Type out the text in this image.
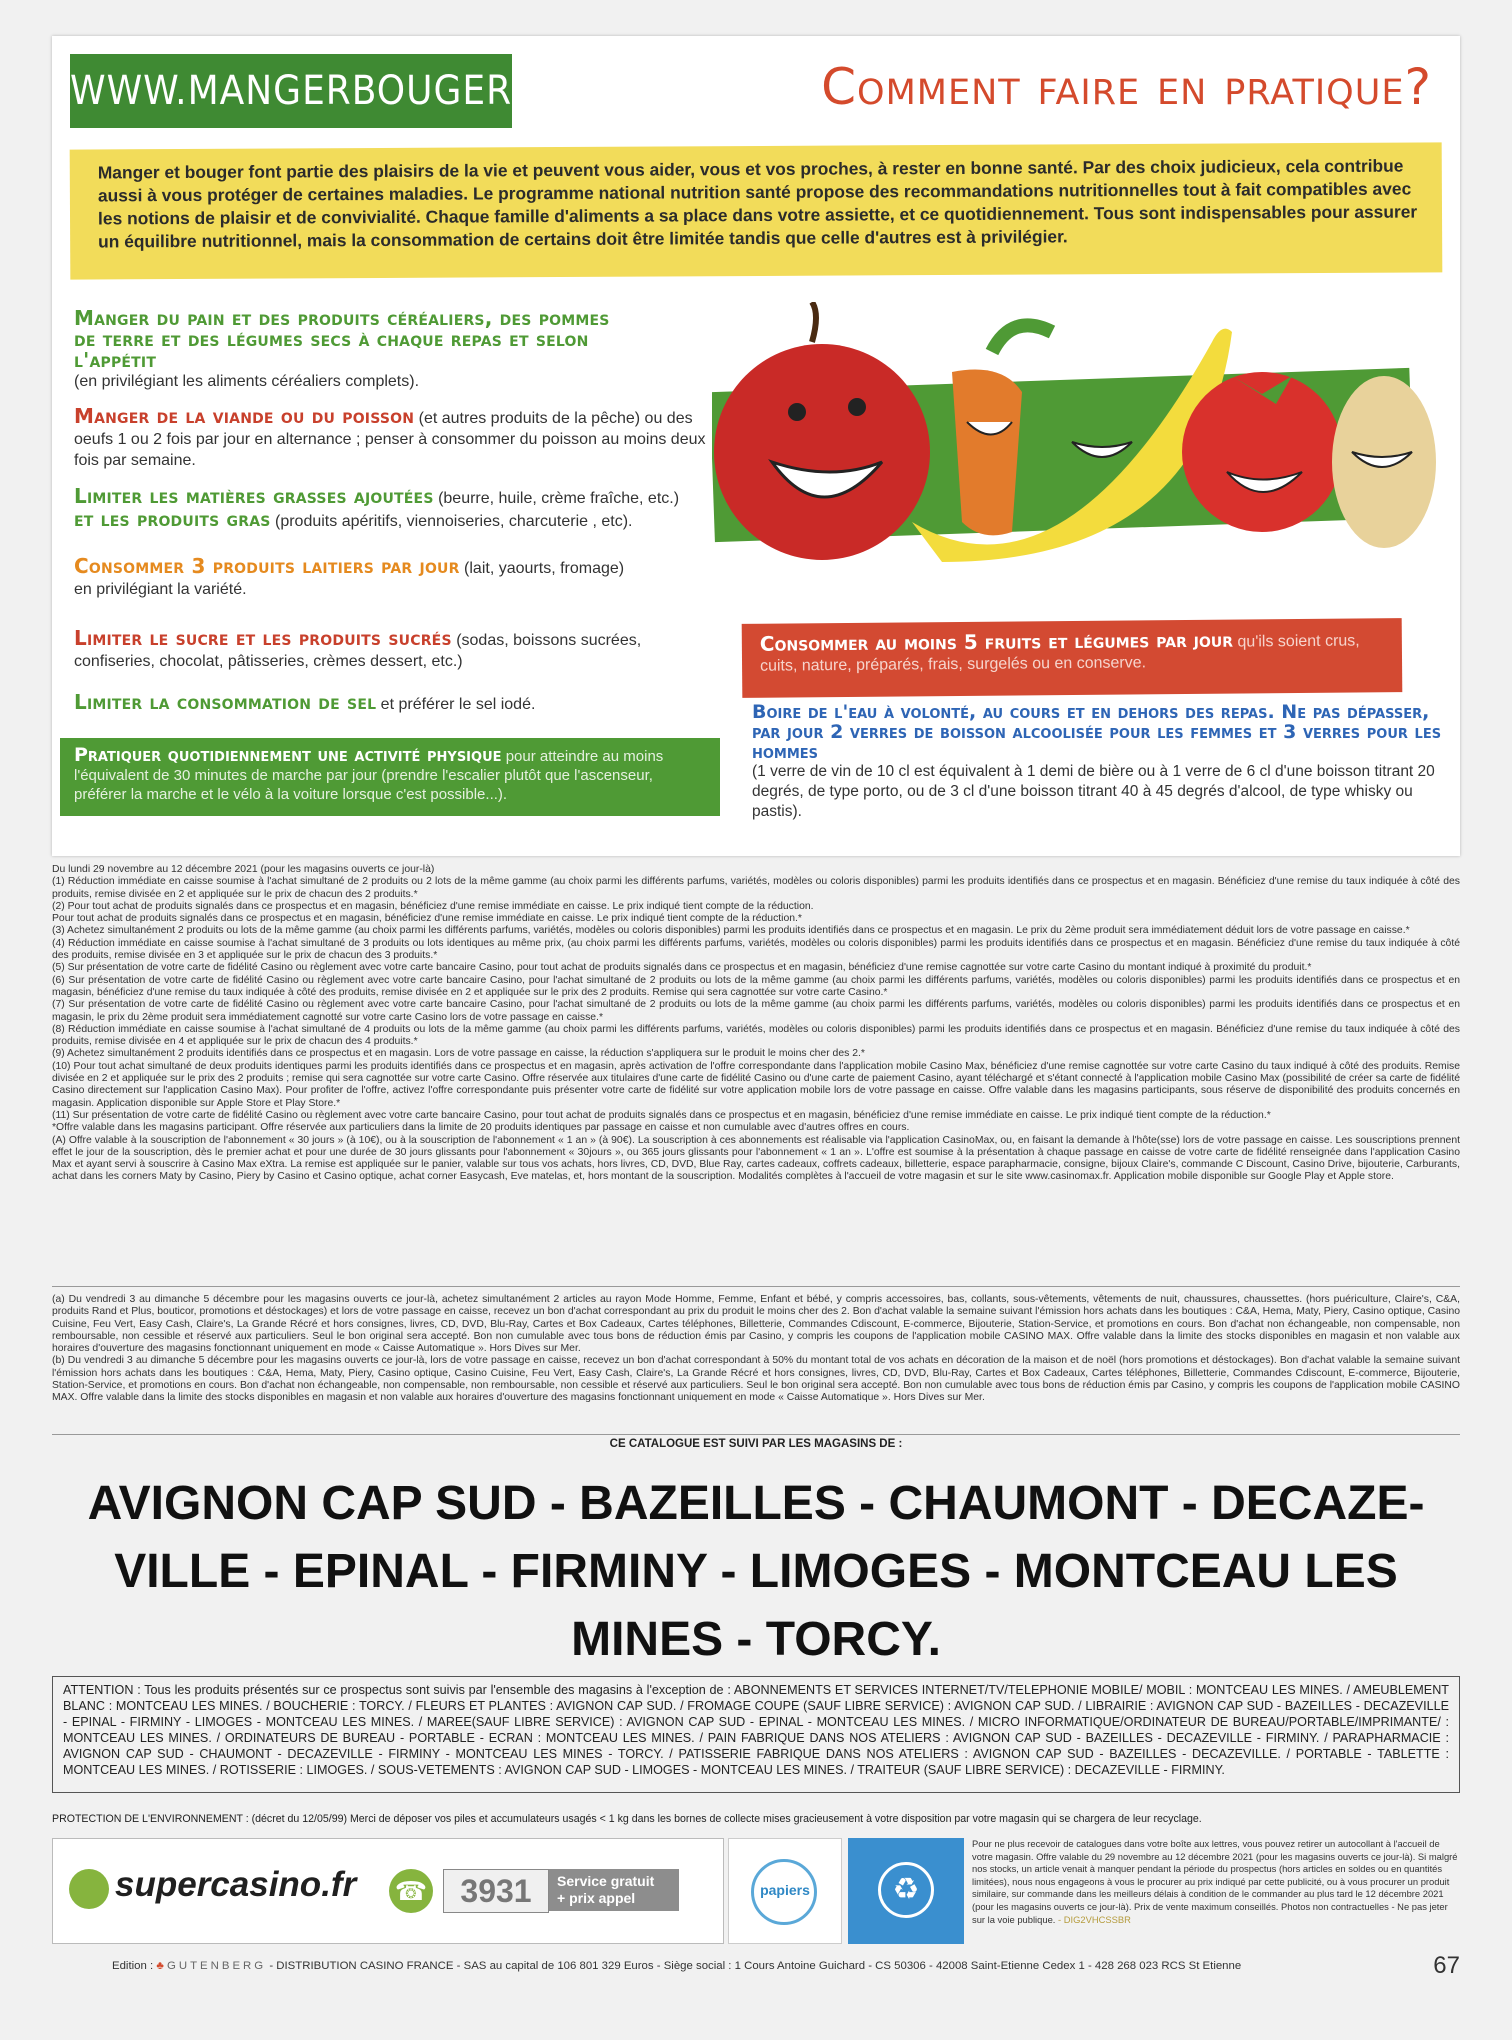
WWW.MANGERBOUGER.FR	Comment faire en pratique?
Manger et bouger font partie des plaisirs de la vie et peuvent vous aider, vous et vos proches, à rester en bonne santé. Par des choix judicieux, cela contribue aussi à vous protéger de certaines maladies. Le programme national nutrition santé propose des recommandations nutritionnelles tout à fait compatibles avec les notions de plaisir et de convivialité. Chaque famille d'aliments a sa place dans votre assiette, et ce quotidiennement. Tous sont indispensables pour assurer un équilibre nutritionnel, mais la consommation de certains doit être limitée tandis que celle d'autres est à privilégier.
Manger du pain et des produits céréaliers, des pommes de terre et des légumes secs à chaque repas et selon l'appétit
(en privilégiant les aliments céréaliers complets).
Manger de la viande ou du poisson (et autres produits de la pêche) ou des oeufs 1 ou 2 fois par jour en alternance ; penser à consommer du poisson au moins deux fois par semaine.
Limiter les matières grasses ajoutées (beurre, huile, crème fraîche, etc.)
et les produits gras (produits apéritifs, viennoiseries, charcuterie , etc).
Consommer 3 produits laitiers par jour (lait, yaourts, fromage) en privilégiant la variété.
Limiter le sucre et les produits sucrés (sodas, boissons sucrées, confiseries, chocolat, pâtisseries, crèmes dessert, etc.)
Limiter la consommation de sel et préférer le sel iodé.
Pratiquer quotidiennement une activité physique pour atteindre au moins l'équivalent de 30 minutes de marche par jour (prendre l'escalier plutôt que l'ascenseur, préférer la marche et le vélo à la voiture lorsque c'est possible...).
Consommer au moins 5 fruits et légumes par jour qu'ils soient crus, cuits, nature, préparés, frais, surgelés ou en conserve.
Boire de l'eau à volonté, au cours et en dehors des repas. Ne pas dépasser, par jour 2 verres de boisson alcoolisée pour les femmes et 3 verres pour les hommes
(1 verre de vin de 10 cl est équivalent à 1 demi de bière ou à 1 verre de 6 cl d'une boisson titrant 20 degrés, de type porto, ou de 3 cl d'une boisson titrant 40 à 45 degrés d'alcool, de type whisky ou pastis).

Du lundi 29 novembre au 12 décembre 2021 (pour les magasins ouverts ce jour-là)

(1) Réduction immédiate en caisse soumise à l'achat simultané de 2 produits ou 2 lots de la même gamme (au choix parmi les différents parfums, variétés, modèles ou coloris disponibles) parmi les produits identifiés dans ce prospectus et en magasin. Bénéficiez d'une remise du taux indiquée à côté des produits, remise divisée en 2 et appliquée sur le prix de chacun des 2 produits.*

(2) Pour tout achat de produits signalés dans ce prospectus et en magasin, bénéficiez d'une remise immédiate en caisse. Le prix indiqué tient compte de la réduction.

Pour tout achat de produits signalés dans ce prospectus et en magasin, bénéficiez d'une remise immédiate en caisse. Le prix indiqué tient compte de la réduction.*

(3) Achetez simultanément 2 produits ou lots de la même gamme (au choix parmi les différents parfums, variétés, modèles ou coloris disponibles) parmi les produits identifiés dans ce prospectus et en magasin. Le prix du 2ème produit sera immédiatement déduit lors de votre passage en caisse.*

(4) Réduction immédiate en caisse soumise à l'achat simultané de 3 produits ou lots identiques au même prix, (au choix parmi les différents parfums, variétés, modèles ou coloris disponibles) parmi les produits identifiés dans ce prospectus et en magasin. Bénéficiez d'une remise du taux indiquée à côté des produits, remise divisée en 3 et appliquée sur le prix de chacun des 3 produits.*

(5) Sur présentation de votre carte de fidélité Casino ou règlement avec votre carte bancaire Casino, pour tout achat de produits signalés dans ce prospectus et en magasin, bénéficiez d'une remise cagnottée sur votre carte Casino du montant indiqué à proximité du produit.*

(6) Sur présentation de votre carte de fidélité Casino ou règlement avec votre carte bancaire Casino, pour l'achat simultané de 2 produits ou lots de la même gamme (au choix parmi les différents parfums, variétés, modèles ou coloris disponibles) parmi les produits identifiés dans ce prospectus et en magasin, bénéficiez d'une remise du taux indiquée à côté des produits, remise divisée en 2 et appliquée sur le prix des 2 produits. Remise qui sera cagnottée sur votre carte Casino.*

(7) Sur présentation de votre carte de fidélité Casino ou règlement avec votre carte bancaire Casino, pour l'achat simultané de 2 produits ou lots de la même gamme (au choix parmi les différents parfums, variétés, modèles ou coloris disponibles) parmi les produits identifiés dans ce prospectus et en magasin, le prix du 2ème produit sera immédiatement cagnotté sur votre carte Casino lors de votre passage en caisse.*

(8) Réduction immédiate en caisse soumise à l'achat simultané de 4 produits ou lots de la même gamme (au choix parmi les différents parfums, variétés, modèles ou coloris disponibles) parmi les produits identifiés dans ce prospectus et en magasin. Bénéficiez d'une remise du taux indiquée à côté des produits, remise divisée en 4 et appliquée sur le prix de chacun des 4 produits.*

(9) Achetez simultanément 2 produits identifiés dans ce prospectus et en magasin. Lors de votre passage en caisse, la réduction s'appliquera sur le produit le moins cher des 2.*

(10) Pour tout achat simultané de deux produits identiques parmi les produits identifiés dans ce prospectus et en magasin, après activation de l'offre correspondante dans l'application mobile Casino Max, bénéficiez d'une remise cagnottée sur votre carte Casino du taux indiqué à côté des produits. Remise divisée en 2 et appliquée sur le prix des 2 produits ; remise qui sera cagnottée sur votre carte Casino. Offre réservée aux titulaires d'une carte de fidélité Casino ou d'une carte de paiement Casino, ayant téléchargé et s'étant connecté à l'application mobile Casino Max (possibilité de créer sa carte de fidélité Casino directement sur l'application Casino Max). Pour profiter de l'offre, activez l'offre correspondante puis présenter votre carte de fidélité sur votre application mobile lors de votre passage en caisse. Offre valable dans les magasins participants, sous réserve de disponibilité des produits concernés en magasin. Application disponible sur Apple Store et Play Store.*

(11) Sur présentation de votre carte de fidélité Casino ou règlement avec votre carte bancaire Casino, pour tout achat de produits signalés dans ce prospectus et en magasin, bénéficiez d'une remise immédiate en caisse. Le prix indiqué tient compte de la réduction.*

*Offre valable dans les magasins participant. Offre réservée aux particuliers dans la limite de 20 produits identiques par passage en caisse et non cumulable avec d'autres offres en cours.

(A) Offre valable à la souscription de l'abonnement « 30 jours » (à 10€), ou à la souscription de l'abonnement « 1 an » (à 90€). La souscription à ces abonnements est réalisable via l'application CasinoMax, ou, en faisant la demande à l'hôte(sse) lors de votre passage en caisse. Les souscriptions prennent effet le jour de la souscription, dès le premier achat et pour une durée de 30 jours glissants pour l'abonnement « 30jours », ou 365 jours glissants pour l'abonnement « 1 an ». L'offre est soumise à la présentation à chaque passage en caisse de votre carte de fidélité renseignée dans l'application Casino Max et ayant servi à souscrire à Casino Max eXtra. La remise est appliquée sur le panier, valable sur tous vos achats, hors livres, CD, DVD, Blue Ray, cartes cadeaux, coffrets cadeaux, billetterie, espace parapharmacie, consigne, bijoux Claire's, commande C Discount, Casino Drive, bijouterie, Carburants, achat dans les corners Maty by Casino, Piery by Casino et Casino optique, achat corner Easycash, Eve matelas, et, hors montant de la souscription. Modalités complètes à l'accueil de votre magasin et sur le site www.casinomax.fr. Application mobile disponible sur Google Play et Apple store.

(a) Du vendredi 3 au dimanche 5 décembre pour les magasins ouverts ce jour-là, achetez simultanément 2 articles au rayon Mode Homme, Femme, Enfant et bébé, y compris accessoires, bas, collants, sous-vêtements, vêtements de nuit, chaussures, chaussettes. (hors puériculture, Claire's, C&A, produits Rand et Plus, bouticor, promotions et déstockages) et lors de votre passage en caisse, recevez un bon d'achat correspondant au prix du produit le moins cher des 2. Bon d'achat valable la semaine suivant l'émission hors achats dans les boutiques : C&A, Hema, Maty, Piery, Casino optique, Casino Cuisine, Feu Vert, Easy Cash, Claire's, La Grande Récré et hors consignes, livres, CD, DVD, Blu-Ray, Cartes et Box Cadeaux, Cartes téléphones, Billetterie, Commandes Cdiscount, E-commerce, Bijouterie, Station-Service, et promotions en cours. Bon d'achat non échangeable, non compensable, non remboursable, non cessible et réservé aux particuliers. Seul le bon original sera accepté. Bon non cumulable avec tous bons de réduction émis par Casino, y compris les coupons de l'application mobile CASINO MAX. Offre valable dans la limite des stocks disponibles en magasin et non valable aux horaires d'ouverture des magasins fonctionnant uniquement en mode « Caisse Automatique ». Hors Dives sur Mer.

(b) Du vendredi 3 au dimanche 5 décembre pour les magasins ouverts ce jour-là, lors de votre passage en caisse, recevez un bon d'achat correspondant à 50% du montant total de vos achats en décoration de la maison et de noël (hors promotions et déstockages). Bon d'achat valable la semaine suivant l'émission hors achats dans les boutiques : C&A, Hema, Maty, Piery, Casino optique, Casino Cuisine, Feu Vert, Easy Cash, Claire's, La Grande Récré et hors consignes, livres, CD, DVD, Blu-Ray, Cartes et Box Cadeaux, Cartes téléphones, Billetterie, Commandes Cdiscount, E-commerce, Bijouterie, Station-Service, et promotions en cours. Bon d'achat non échangeable, non compensable, non remboursable, non cessible et réservé aux particuliers. Seul le bon original sera accepté. Bon non cumulable avec tous bons de réduction émis par Casino, y compris les coupons de l'application mobile CASINO MAX. Offre valable dans la limite des stocks disponibles en magasin et non valable aux horaires d'ouverture des magasins fonctionnant uniquement en mode « Caisse Automatique ». Hors Dives sur Mer.

CE CATALOGUE EST SUIVI PAR LES MAGASINS DE :
AVIGNON CAP SUD - BAZEILLES - CHAUMONT - DECAZE-VILLE - EPINAL - FIRMINY - LIMOGES - MONTCEAU LES MINES - TORCY.
ATTENTION : Tous les produits présentés sur ce prospectus sont suivis par l'ensemble des magasins à l'exception de : ABONNEMENTS ET SERVICES INTERNET/TV/TELEPHONIE MOBILE/ MOBIL : MONTCEAU LES MINES. / AMEUBLEMENT BLANC : MONTCEAU LES MINES. / BOUCHERIE : TORCY. / FLEURS ET PLANTES : AVIGNON CAP SUD. / FROMAGE COUPE (SAUF LIBRE SERVICE) : AVIGNON CAP SUD. / LIBRAIRIE : AVIGNON CAP SUD - BAZEILLES - DECAZEVILLE - EPINAL - FIRMINY - LIMOGES - MONTCEAU LES MINES. / MAREE(SAUF LIBRE SERVICE) : AVIGNON CAP SUD - EPINAL - MONTCEAU LES MINES. / MICRO INFORMATIQUE/ORDINATEUR DE BUREAU/PORTABLE/IMPRIMANTE/ : MONTCEAU LES MINES. / ORDINATEURS DE BUREAU - PORTABLE - ECRAN : MONTCEAU LES MINES. / PAIN FABRIQUE DANS NOS ATELIERS : AVIGNON CAP SUD - BAZEILLES - DECAZEVILLE - FIRMINY. / PARAPHARMACIE : AVIGNON CAP SUD - CHAUMONT - DECAZEVILLE - FIRMINY - MONTCEAU LES MINES - TORCY. / PATISSERIE FABRIQUE DANS NOS ATELIERS : AVIGNON CAP SUD - BAZEILLES - DECAZEVILLE. / PORTABLE - TABLETTE : MONTCEAU LES MINES. / ROTISSERIE : LIMOGES. / SOUS-VETEMENTS : AVIGNON CAP SUD - LIMOGES - MONTCEAU LES MINES. / TRAITEUR (SAUF LIBRE SERVICE) : DECAZEVILLE - FIRMINY.
PROTECTION DE L'ENVIRONNEMENT : (décret du 12/05/99) Merci de déposer vos piles et accumulateurs usagés < 1 kg dans les bornes de collecte mises gracieusement à votre disposition par votre magasin qui se chargera de leur recyclage.
supercasino.fr ☎	3931	Service gratuit
+ prix appel	papiers	♻
Pour ne plus recevoir de catalogues dans votre boîte aux lettres, vous pouvez retirer un autocollant à l'accueil de votre magasin. Offre valable du 29 novembre au 12 décembre 2021 (pour les magasins ouverts ce jour-là). Si malgré nos stocks, un article venait à manquer pendant la période du prospectus (hors articles en soldes ou en quantités limitées), nous nous engageons à vous le procurer au prix indiqué par cette publicité, ou à vous procurer un produit similaire, sur commande dans les meilleurs délais à condition de le commander au plus tard le 12 décembre 2021 (pour les magasins ouverts ce jour-là). Prix de vente maximum conseillés. Photos non contractuelles - Ne pas jeter sur la voie publique. - DIG2VHCSSBR
Edition : ♣ GUTENBERG - DISTRIBUTION CASINO FRANCE - SAS au capital de 106 801 329 Euros - Siège social : 1 Cours Antoine Guichard - CS 50306 - 42008 Saint-Etienne Cedex 1 - 428 268 023 RCS St Etienne	67
